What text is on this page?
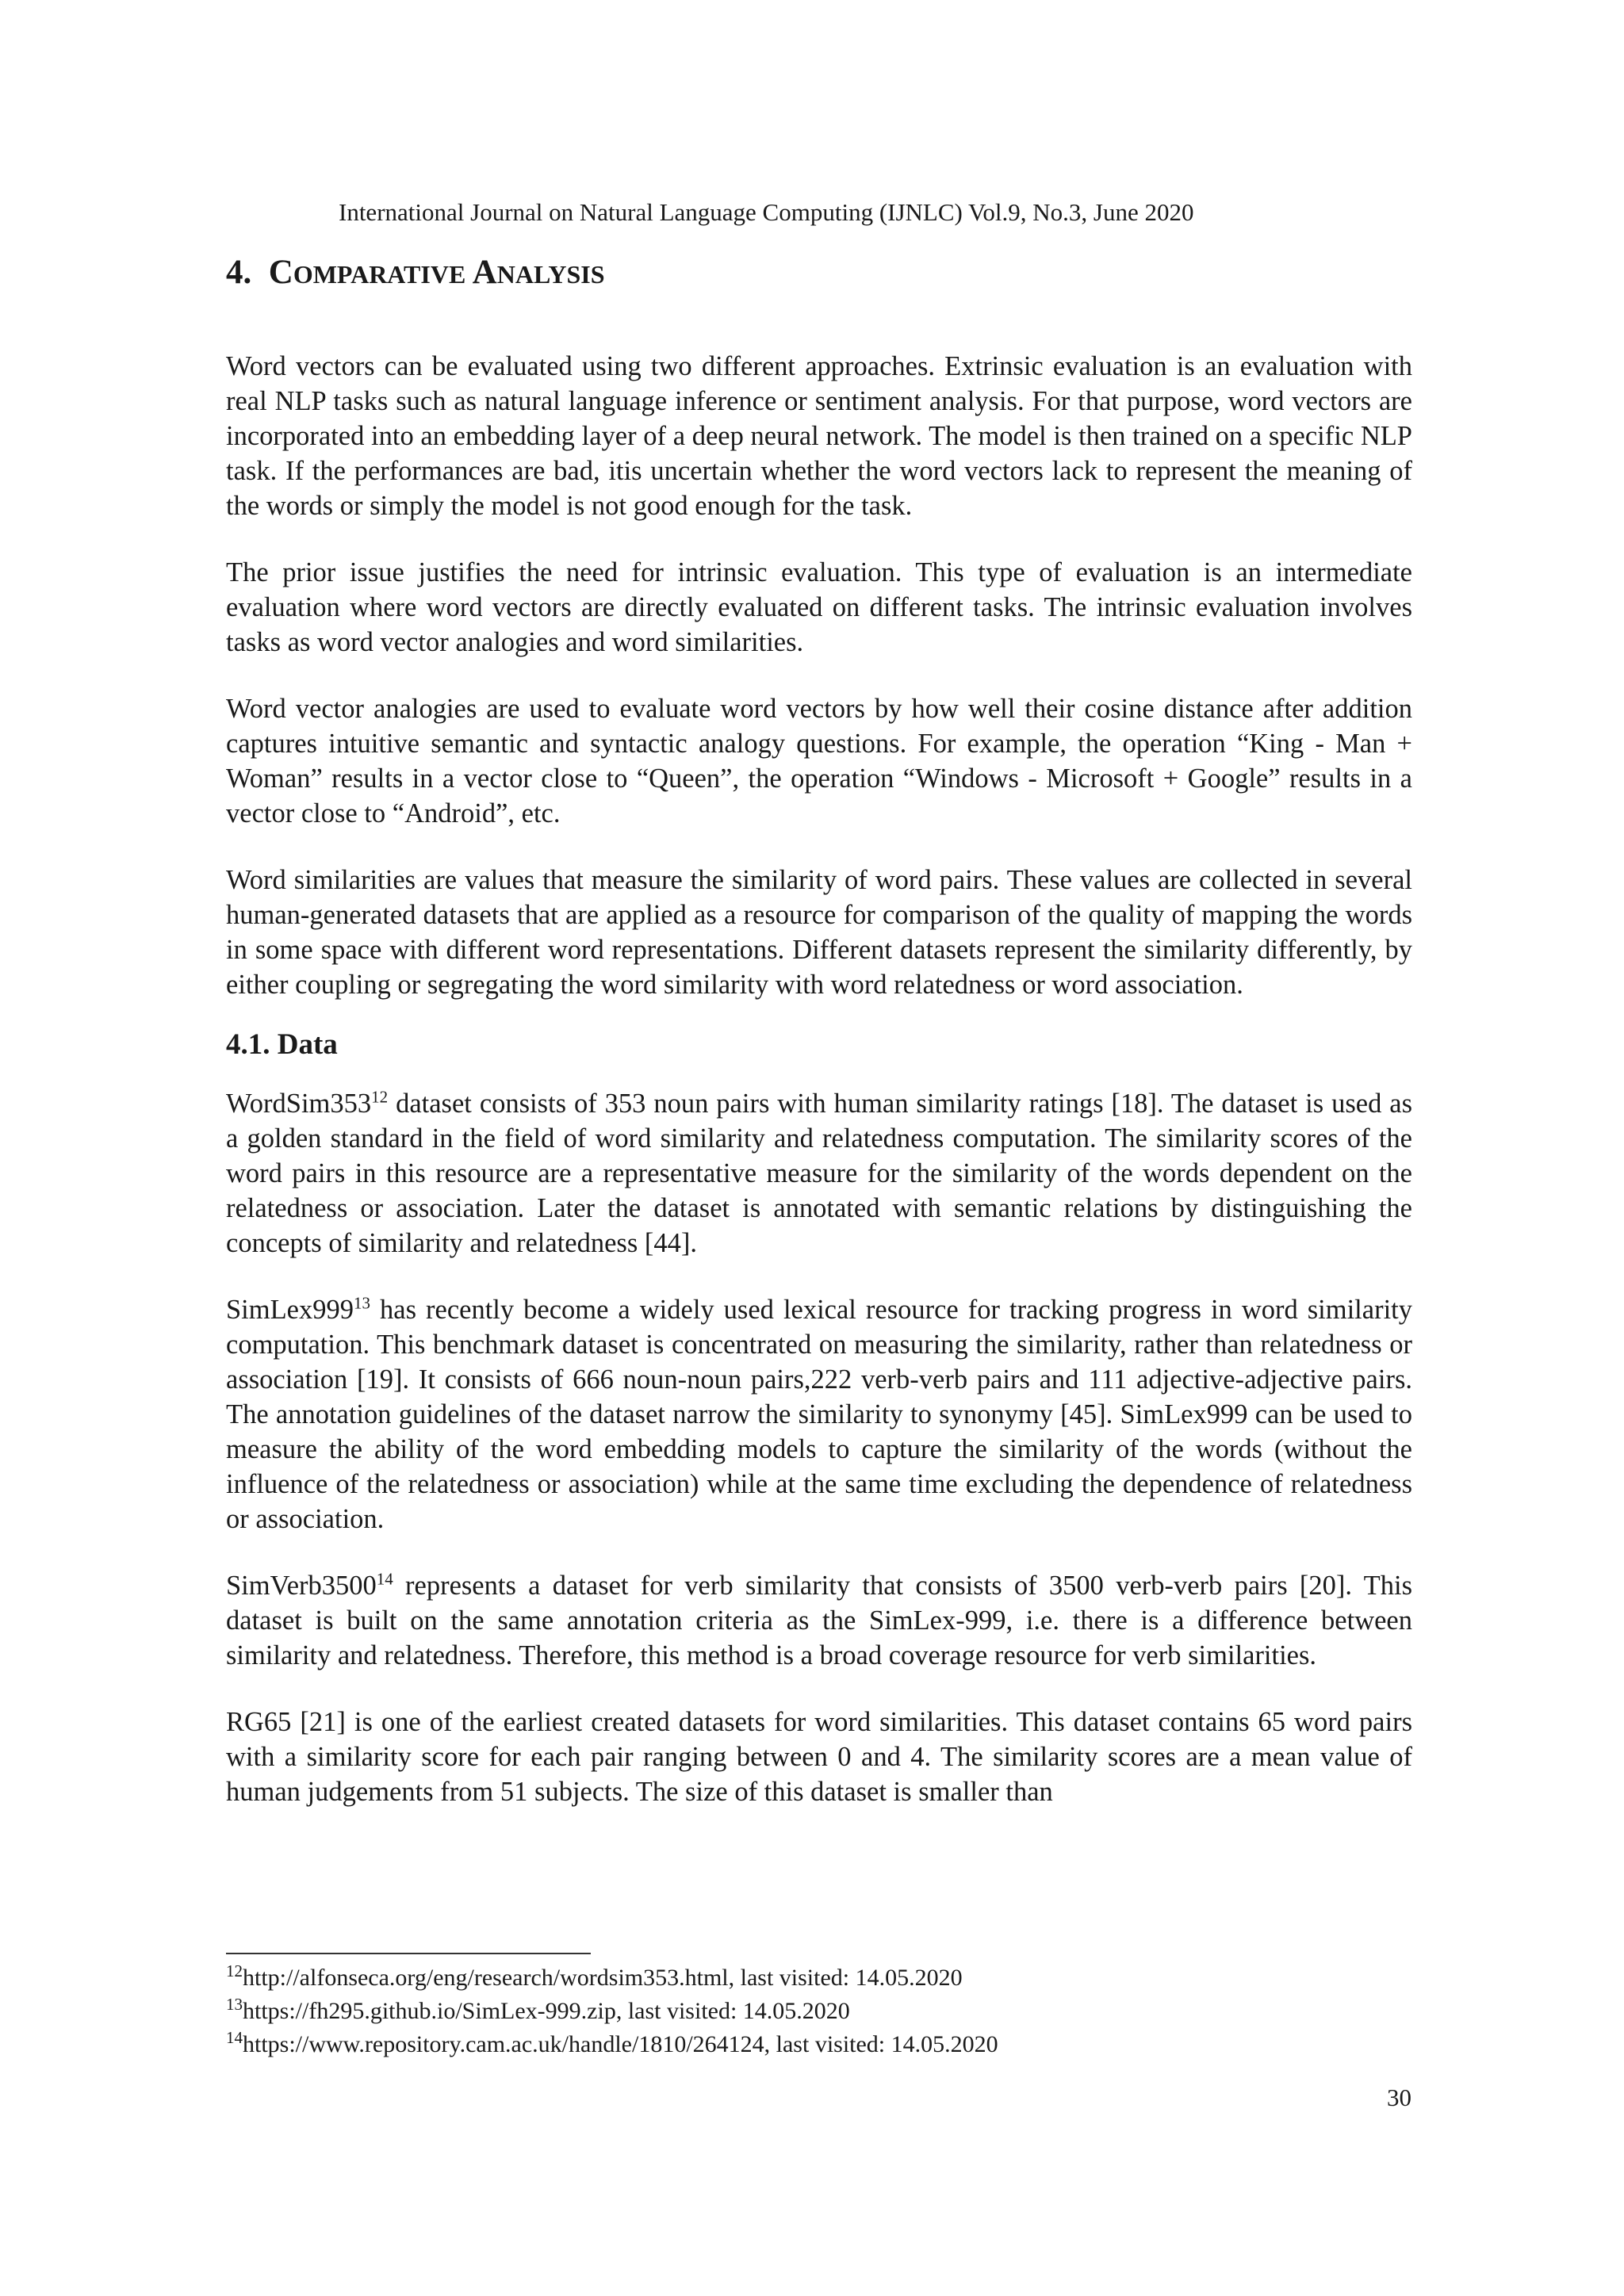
International Journal on Natural Language Computing (IJNLC) Vol.9, No.3, June 2020
4. COMPARATIVE ANALYSIS

Word vectors can be evaluated using two different approaches. Extrinsic evaluation is an evaluation with real NLP tasks such as natural language inference or sentiment analysis. For that purpose, word vectors are incorporated into an embedding layer of a deep neural network. The model is then trained on a specific NLP task. If the performances are bad, itis uncertain whether the word vectors lack to represent the meaning of the words or simply the model is not good enough for the task.

The prior issue justifies the need for intrinsic evaluation. This type of evaluation is an intermediate evaluation where word vectors are directly evaluated on different tasks. The intrinsic evaluation involves tasks as word vector analogies and word similarities.

Word vector analogies are used to evaluate word vectors by how well their cosine distance after addition captures intuitive semantic and syntactic analogy questions. For example, the operation “King - Man + Woman” results in a vector close to “Queen”, the operation “Windows - Microsoft + Google” results in a vector close to “Android”, etc.

Word similarities are values that measure the similarity of word pairs. These values are collected in several human-generated datasets that are applied as a resource for comparison of the quality of mapping the words in some space with different word representations. Different datasets represent the similarity differently, by either coupling or segregating the word similarity with word relatedness or word association.

4.1. Data

$WordSim353^{12}$ dataset consists of 353 noun pairs with human similarity ratings [18]. The dataset is used as a golden standard in the field of word similarity and relatedness computation. The similarity scores of the word pairs in this resource are a representative measure for the similarity of the words dependent on the relatedness or association. Later the dataset is annotated with semantic relations by distinguishing the concepts of similarity and relatedness [44].

$SimLex999^{13}$ has recently become a widely used lexical resource for tracking progress in word similarity computation. This benchmark dataset is concentrated on measuring the similarity, rather than relatedness or association [19]. It consists of 666 noun-noun pairs,222 verb-verb pairs and 111 adjective-adjective pairs. The annotation guidelines of the dataset narrow the similarity to synonymy [45]. SimLex999 can be used to measure the ability of the word embedding models to capture the similarity of the words (without the influence of the relatedness or association) while at the same time excluding the dependence of relatedness or association.

SimVerb3500$^{14}$ represents a dataset for verb similarity that consists of 3500 verb-verb pairs [20]. This dataset is built on the same annotation criteria as the SimLex-999, i.e. there is a difference between similarity and relatedness. Therefore, this method is a broad coverage resource for verb similarities.

RG65 [21] is one of the earliest created datasets for word similarities. This dataset contains 65 word pairs with a similarity score for each pair ranging between 0 and 4. The similarity scores are a mean value of human judgements from 51 subjects. The size of this dataset is smaller than

$^{12}$http://alfonseca.org/eng/research/wordsim353.html, last visited: 14.05.2020
$^{13}$https://fh295.github.io/SimLex-999.zip, last visited: 14.05.2020
$^{14}$https://www.repository.cam.ac.uk/handle/1810/264124, last visited: 14.05.2020
30
